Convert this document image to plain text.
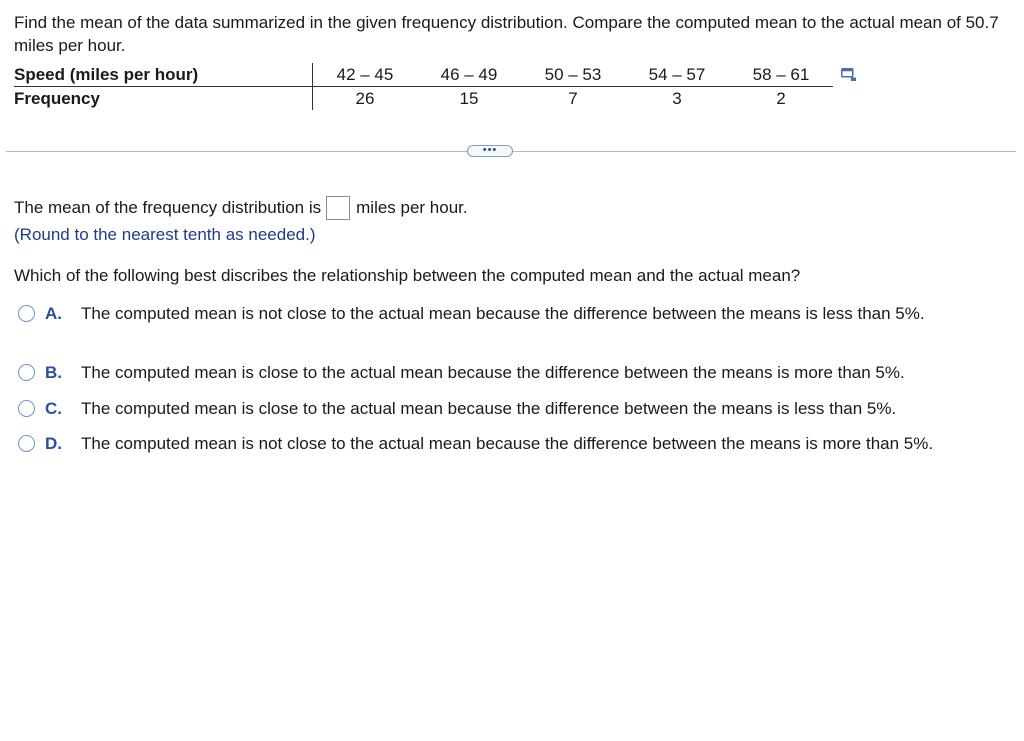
Find the mean of the data summarized in the given frequency distribution. Compare the computed mean to the actual mean of 50.7 miles per hour.
Speed (miles per hour)	42 – 45	46 – 49	50 – 53	54 – 57	58 – 61
Frequency	26	15	7	3	2
•••
The mean of the frequency distribution is miles per hour.
(Round to the nearest tenth as needed.)
Which of the following best discribes the relationship between the computed mean and the actual mean?
A. The computed mean is not close to the actual mean because the difference between the means is less than 5%.
B. The computed mean is close to the actual mean because the difference between the means is more than 5%.
C. The computed mean is close to the actual mean because the difference between the means is less than 5%.
D. The computed mean is not close to the actual mean because the difference between the means is more than 5%.
